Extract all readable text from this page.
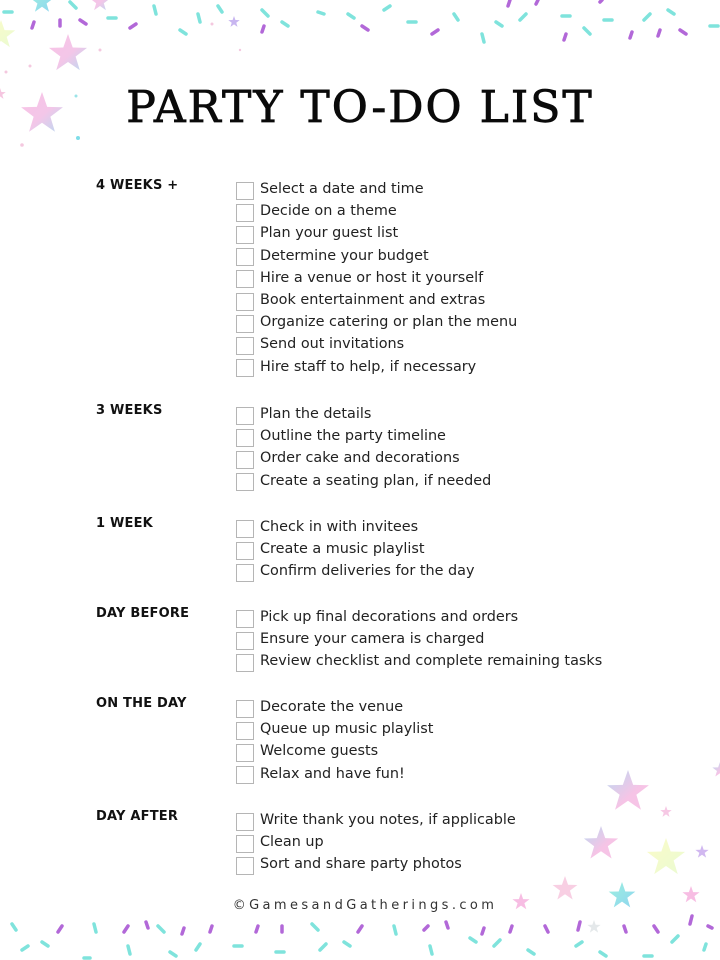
PARTY TO-DO LIST
4 WEEKS +	Select a date and time
Decide on a theme
Plan your guest list
Determine your budget
Hire a venue or host it yourself
Book entertainment and extras
Organize catering or plan the menu
Send out invitations
Hire staff to help, if necessary
3 WEEKS	Plan the details
Outline the party timeline
Order cake and decorations
Create a seating plan, if needed
1 WEEK	Check in with invitees
Create a music playlist
Confirm deliveries for the day
DAY BEFORE	Pick up final decorations and orders
Ensure your camera is charged
Review checklist and complete remaining tasks
ON THE DAY	Decorate the venue
Queue up music playlist
Welcome guests
Relax and have fun!
DAY AFTER	Write thank you notes, if applicable
Clean up
Sort and share party photos
©GamesandGatherings.com
